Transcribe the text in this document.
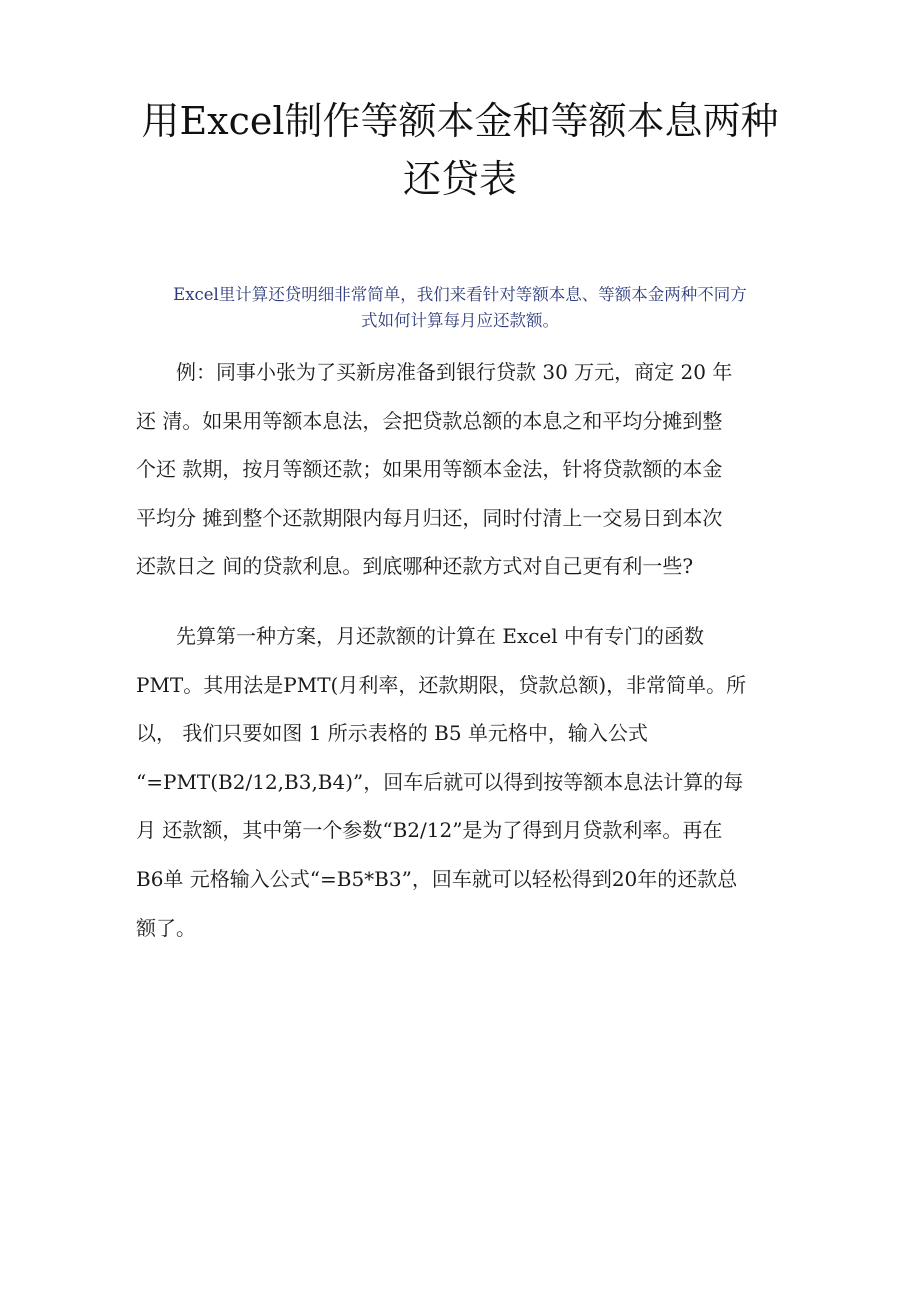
用Excel制作等额本金和等额本息两种
还贷表
Excel里计算还贷明细非常简单，我们来看针对等额本息、等额本金两种不同方
式如何计算每月应还款额。
　　例：同事小张为了买新房准备到银行贷款 30 万元，商定 20 年
还 清。如果用等额本息法，会把贷款总额的本息之和平均分摊到整
个还 款期，按月等额还款；如果用等额本金法，针将贷款额的本金
平均分 摊到整个还款期限内每月归还，同时付清上一交易日到本次
还款日之 间的贷款利息。到底哪种还款方式对自己更有利一些?
　　先算第一种方案，月还款额的计算在 Excel 中有专门的函数
PMT。其用法是PMT(月利率，还款期限，贷款总额)，非常简单。所
以， 我们只要如图 1 所示表格的 B5 单元格中，输入公式
“=PMT(B2/12,B3,B4)”，回车后就可以得到按等额本息法计算的每
月 还款额，其中第一个参数“B2/12”是为了得到月贷款利率。再在
B6单 元格输入公式“=B5*B3”，回车就可以轻松得到20年的还款总
额了。
